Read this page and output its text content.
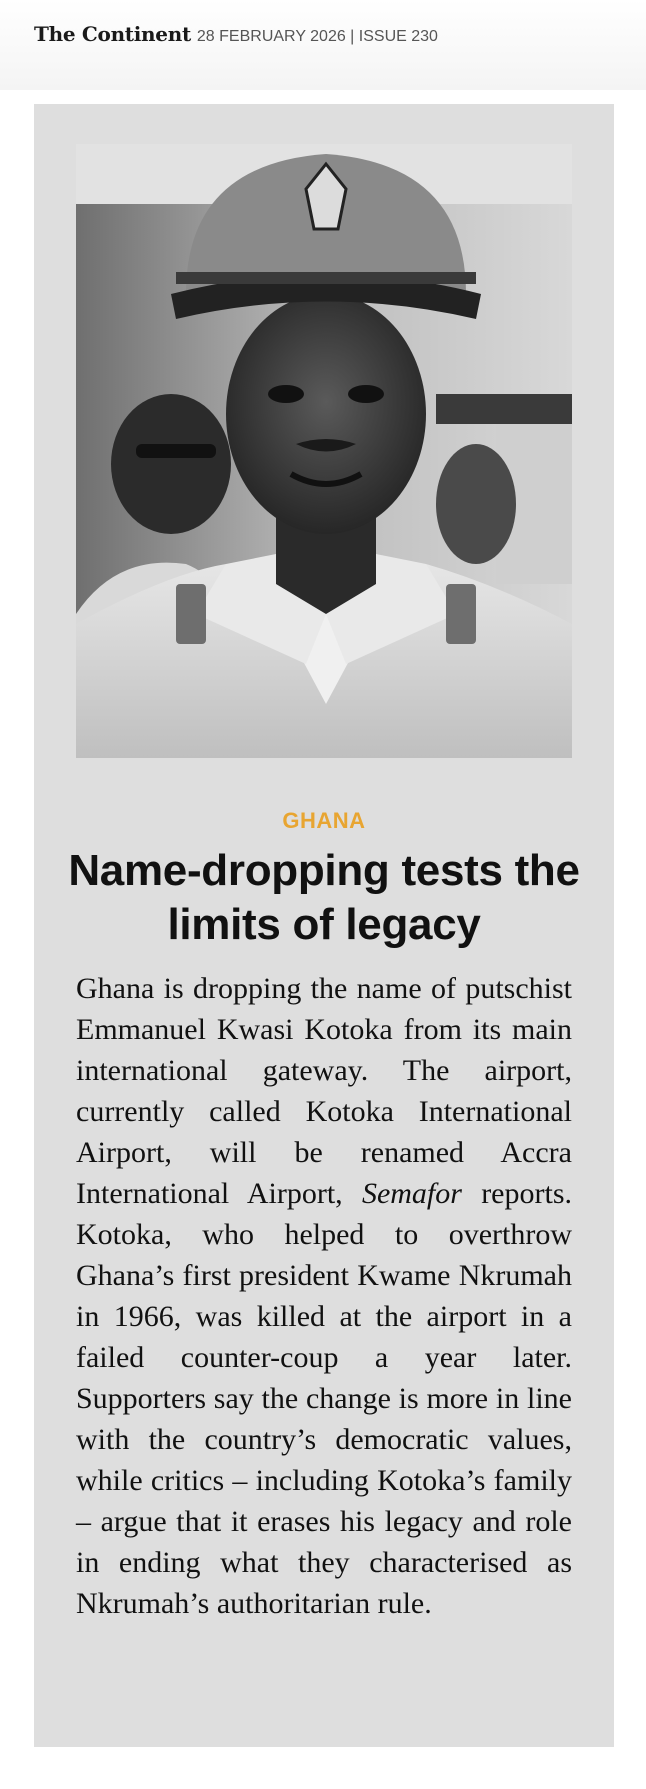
The Continent 28 FEBRUARY 2026 | ISSUE 230
GHANA
Name-dropping tests the limits of legacy

Ghana is dropping the name of putschist Emmanuel Kwasi Kotoka from its main international gateway. The airport, currently called Kotoka International Airport, will be renamed Accra International Airport, Semafor reports. Kotoka, who helped to overthrow Ghana’s first president Kwame Nkrumah in 1966, was killed at the airport in a failed counter-coup a year later. Supporters say the change is more in line with the country’s democratic values, while critics – including Kotoka’s family – argue that it erases his legacy and role in ending what they characterised as Nkrumah’s authoritarian rule.
